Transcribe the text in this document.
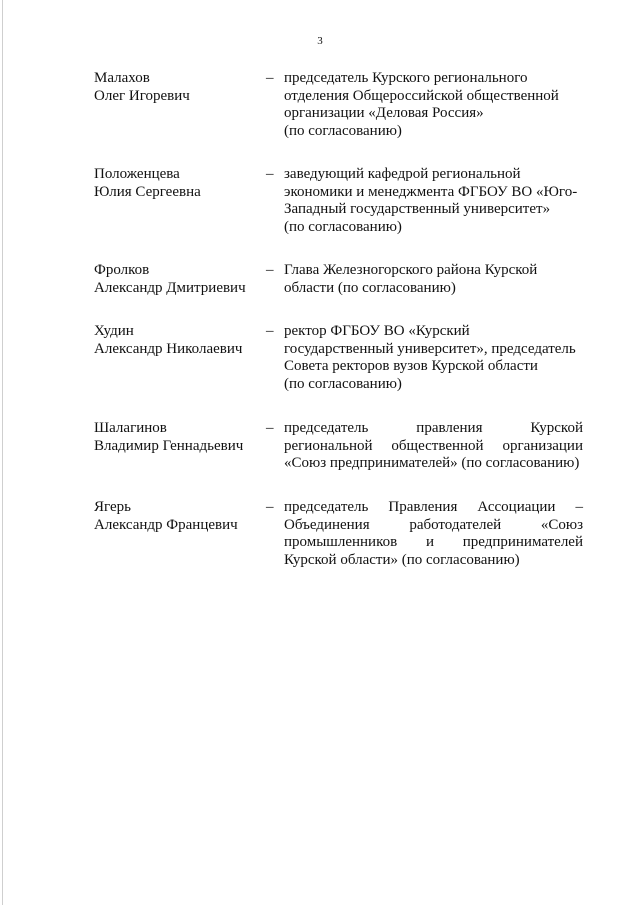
3
Малахов
Олег Игоревич
– председатель Курского регионального
отделения Общероссийской общественной
организации «Деловая Россия»
(по согласованию)
Положенцева
Юлия Сергеевна
– заведующий кафедрой региональной
экономики и менеджмента ФГБОУ ВО «Юго-
Западный государственный университет»
(по согласованию)
Фролков
Александр Дмитриевич
– Глава Железногорского района Курской
области (по согласованию)
Худин
Александр Николаевич
– ректор ФГБОУ ВО «Курский
государственный университет», председатель
Совета ректоров вузов Курской области
(по согласованию)
Шалагинов
Владимир Геннадьевич
– председатель правления Курской
региональной общественной организации
«Союз предпринимателей» (по согласованию)
Ягерь
Александр Францевич
– председатель Правления Ассоциации –
Объединения работодателей «Союз
промышленников и предпринимателей
Курской области» (по согласованию)
